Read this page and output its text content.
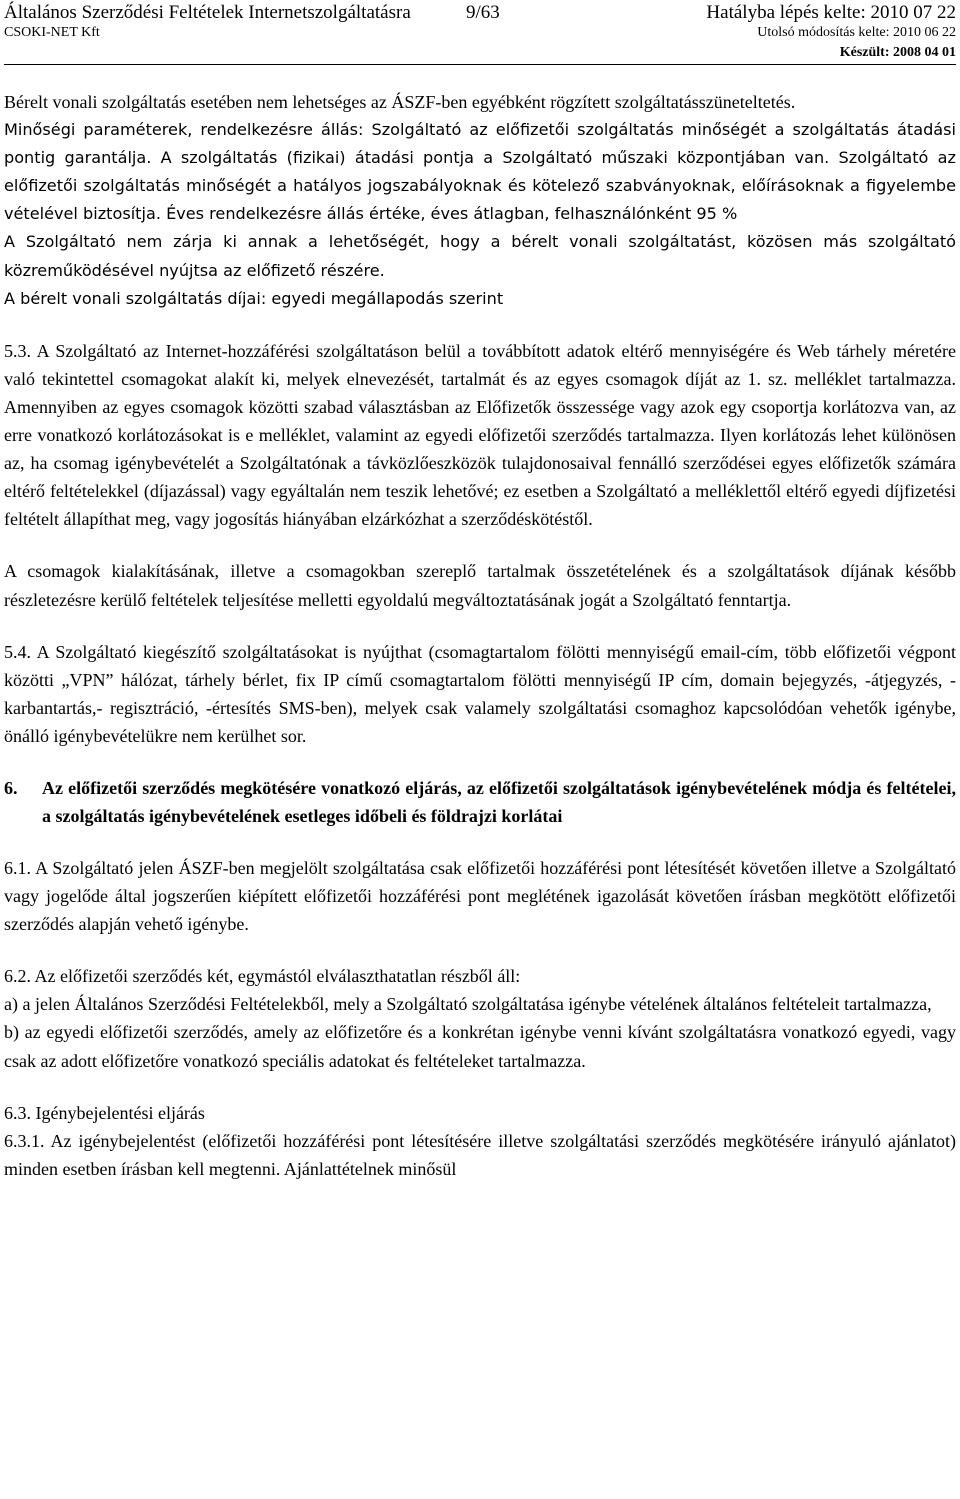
Általános Szerződési Feltételek Internetszolgáltatásra	9/63	Hatályba lépés kelte: 2010 07 22
CSOKI-NET Kft	Utolsó módosítás kelte: 2010 06 22
Készült: 2008 04 01

Bérelt vonali szolgáltatás esetében nem lehetséges az ÁSZF-ben egyébként rögzített szolgáltatásszüneteltetés.

Minőségi paraméterek, rendelkezésre állás: Szolgáltató az előfizetői szolgáltatás minőségét a szolgáltatás átadási pontig garantálja. A szolgáltatás (fizikai) átadási pontja a Szolgáltató műszaki központjában van. Szolgáltató az előfizetői szolgáltatás minőségét a hatályos jogszabályoknak és kötelező szabványoknak, előírásoknak a figyelembe vételével biztosítja. Éves rendelkezésre állás értéke, éves átlagban, felhasználónként 95 %

A Szolgáltató nem zárja ki annak a lehetőségét, hogy a bérelt vonali szolgáltatást, közösen más szolgáltató közreműködésével nyújtsa az előfizető részére.

A bérelt vonali szolgáltatás díjai: egyedi megállapodás szerint

5.3. A Szolgáltató az Internet-hozzáférési szolgáltatáson belül a továbbított adatok eltérő mennyiségére és Web tárhely méretére való tekintettel csomagokat alakít ki, melyek elnevezését, tartalmát és az egyes csomagok díját az 1. sz. melléklet tartalmazza. Amennyiben az egyes csomagok közötti szabad választásban az Előfizetők összessége vagy azok egy csoportja korlátozva van, az erre vonatkozó korlátozásokat is e melléklet, valamint az egyedi előfizetői szerződés tartalmazza. Ilyen korlátozás lehet különösen az, ha csomag igénybevételét a Szolgáltatónak a távközlőeszközök tulajdonosaival fennálló szerződései egyes előfizetők számára eltérő feltételekkel (díjazással) vagy egyáltalán nem teszik lehetővé; ez esetben a Szolgáltató a melléklettől eltérő egyedi díjfizetési feltételt állapíthat meg, vagy jogosítás hiányában elzárkózhat a szerződéskötéstől.

A csomagok kialakításának, illetve a csomagokban szereplő tartalmak összetételének és a szolgáltatások díjának később részletezésre kerülő feltételek teljesítése melletti egyoldalú megváltoztatásának jogát a Szolgáltató fenntartja.

5.4. A Szolgáltató kiegészítő szolgáltatásokat is nyújthat (csomagtartalom fölötti mennyiségű email-cím, több előfizetői végpont közötti „VPN” hálózat, tárhely bérlet, fix IP című csomagtartalom fölötti mennyiségű IP cím, domain bejegyzés, -átjegyzés, -karbantartás,- regisztráció, -értesítés SMS-ben), melyek csak valamely szolgáltatási csomaghoz kapcsolódóan vehetők igénybe, önálló igénybevételükre nem kerülhet sor.

6.	Az előfizetői szerződés megkötésére vonatkozó eljárás, az előfizetői szolgáltatások igénybevételének módja és feltételei, a szolgáltatás igénybevételének esetleges időbeli és földrajzi korlátai

6.1. A Szolgáltató jelen ÁSZF-ben megjelölt szolgáltatása csak előfizetői hozzáférési pont létesítését követően illetve a Szolgáltató vagy jogelőde által jogszerűen kiépített előfizetői hozzáférési pont meglétének igazolását követően írásban megkötött előfizetői szerződés alapján vehető igénybe.

6.2. Az előfizetői szerződés két, egymástól elválaszthatatlan részből áll:

a) a jelen Általános Szerződési Feltételekből, mely a Szolgáltató szolgáltatása igénybe vételének általános feltételeit tartalmazza,

b) az egyedi előfizetői szerződés, amely az előfizetőre és a konkrétan igénybe venni kívánt szolgáltatásra vonatkozó egyedi, vagy csak az adott előfizetőre vonatkozó speciális adatokat és feltételeket tartalmazza.

6.3. Igénybejelentési eljárás

6.3.1. Az igénybejelentést (előfizetői hozzáférési pont létesítésére illetve szolgáltatási szerződés megkötésére irányuló ajánlatot) minden esetben írásban kell megtenni. Ajánlattételnek minősül
